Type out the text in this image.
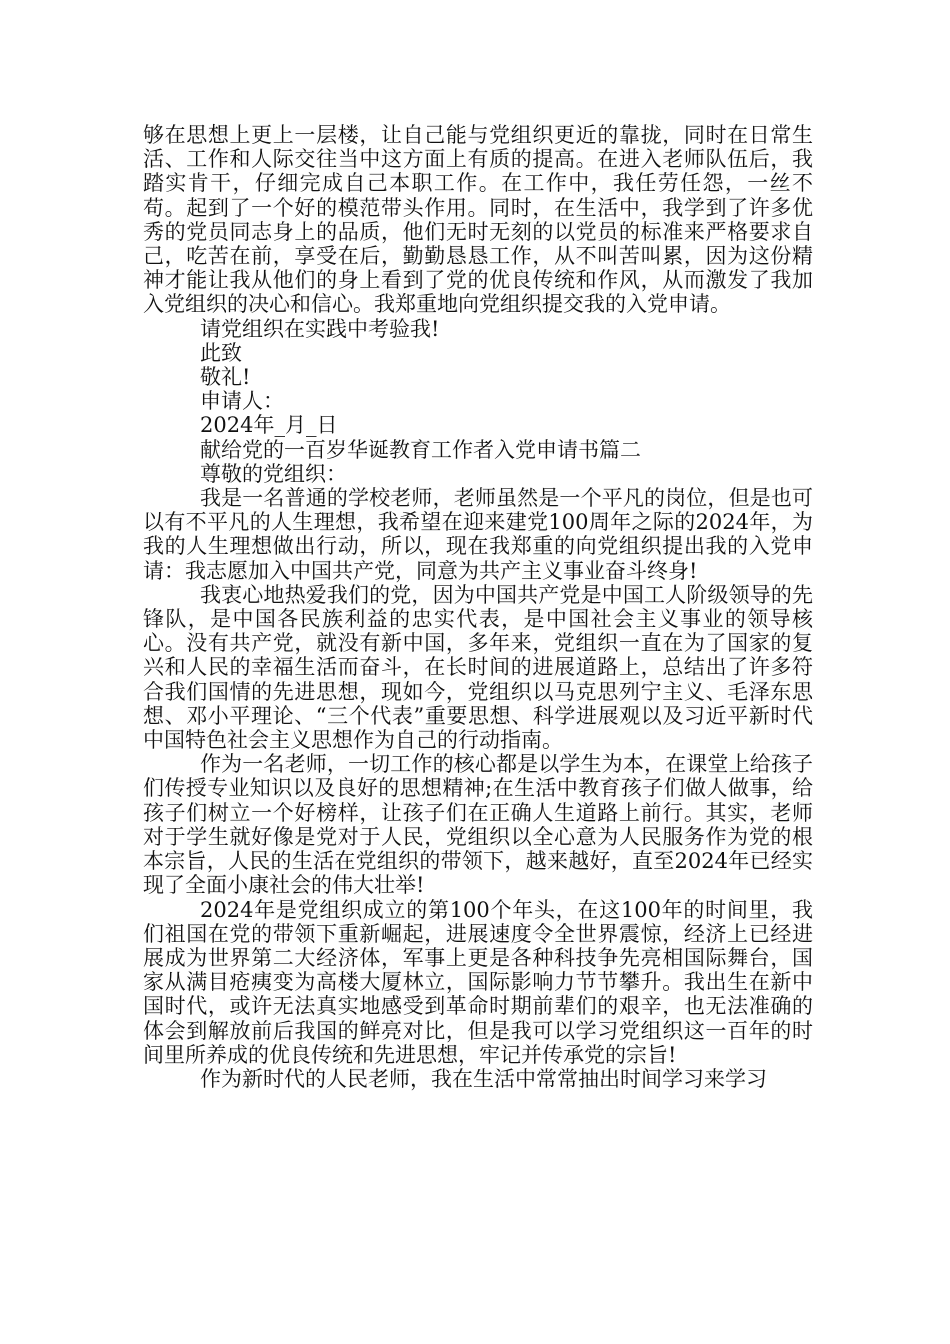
够在思想上更上一层楼，让自己能与党组织更近的靠拢，同时在日常生活、工作和人际交往当中这方面上有质的提高。在进入老师队伍后，我踏实肯干，仔细完成自己本职工作。在工作中，我任劳任怨，一丝不苟。起到了一个好的模范带头作用。同时，在生活中，我学到了许多优秀的党员同志身上的品质，他们无时无刻的以党员的标准来严格要求自己，吃苦在前，享受在后，勤勤恳恳工作，从不叫苦叫累，因为这份精神才能让我从他们的身上看到了党的优良传统和作风，从而激发了我加入党组织的决心和信心。我郑重地向党组织提交我的入党申请。

请党组织在实践中考验我!

此致

敬礼!

申请人：

2024年_月_日

献给党的一百岁华诞教育工作者入党申请书篇二

尊敬的党组织：

我是一名普通的学校老师，老师虽然是一个平凡的岗位，但是也可以有不平凡的人生理想，我希望在迎来建党100周年之际的2024年，为我的人生理想做出行动，所以，现在我郑重的向党组织提出我的入党申请：我志愿加入中国共产党，同意为共产主义事业奋斗终身!

我衷心地热爱我们的党，因为中国共产党是中国工人阶级领导的先锋队，是中国各民族利益的忠实代表，是中国社会主义事业的领导核心。没有共产党，就没有新中国，多年来，党组织一直在为了国家的复兴和人民的幸福生活而奋斗，在长时间的进展道路上，总结出了许多符合我们国情的先进思想，现如今，党组织以马克思列宁主义、毛泽东思想、邓小平理论、“三个代表”重要思想、科学进展观以及习近平新时代中国特色社会主义思想作为自己的行动指南。

作为一名老师，一切工作的核心都是以学生为本，在课堂上给孩子们传授专业知识以及良好的思想精神;在生活中教育孩子们做人做事，给孩子们树立一个好榜样，让孩子们在正确人生道路上前行。其实，老师对于学生就好像是党对于人民，党组织以全心意为人民服务作为党的根本宗旨，人民的生活在党组织的带领下，越来越好，直至2024年已经实现了全面小康社会的伟大壮举!

2024年是党组织成立的第100个年头，在这100年的时间里，我们祖国在党的带领下重新崛起，进展速度令全世界震惊，经济上已经进展成为世界第二大经济体，军事上更是各种科技争先亮相国际舞台，国家从满目疮痍变为高楼大厦林立，国际影响力节节攀升。我出生在新中国时代，或许无法真实地感受到革命时期前辈们的艰辛，也无法准确的体会到解放前后我国的鲜亮对比，但是我可以学习党组织这一百年的时间里所养成的优良传统和先进思想，牢记并传承党的宗旨!

作为新时代的人民老师，我在生活中常常抽出时间学习来学习
